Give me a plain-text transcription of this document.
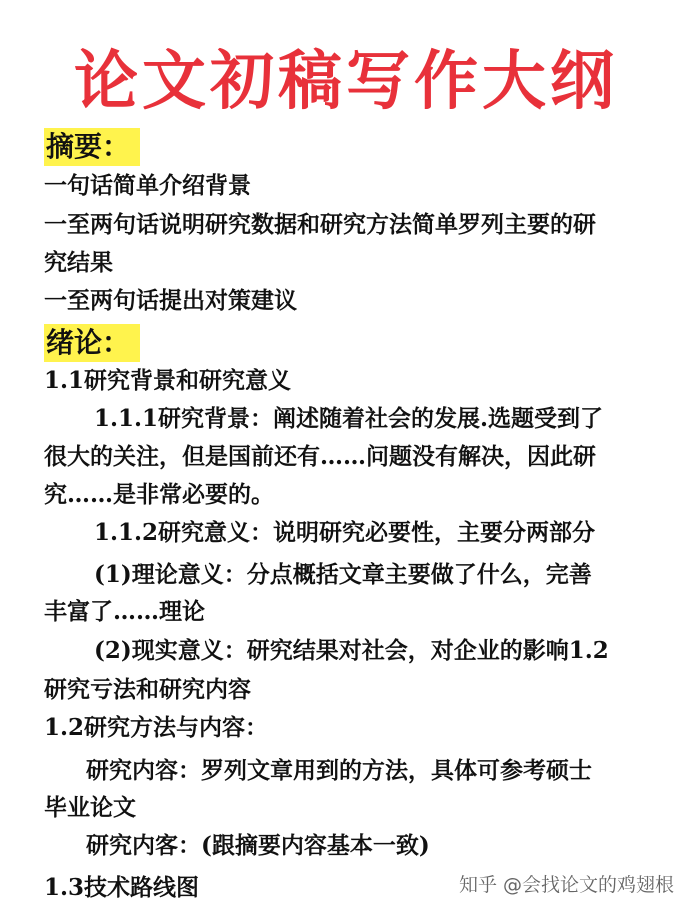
论文初稿写作大纲
摘要：
一句话简单介绍背景
一至两句话说明研究数据和研究方法简单罗列主要的研
究结果
一至两句话提出对策建议
绪论：
1.1研究背景和研究意义
1.1.1研究背景：阐述随着社会的发展.选题受到了
很大的关注，但是国前还有……问题没有解决，因此研
究……是非常必要的。
1.1.2研究意义：说明研究必要性，主要分两部分
(1)理论意义：分点概括文章主要做了什么，完善
丰富了……理论
(2)现实意义：研究结果对社会，对企业的影响1.2
研究亏法和研究内容
1.2研究方法与内容：
研究内容：罗列文章用到的方法，具体可参考硕士
毕业论文
研究内客：(跟摘要内容基本一致)
1.3技术路线图	知乎 @会找论文的鸡翅根
